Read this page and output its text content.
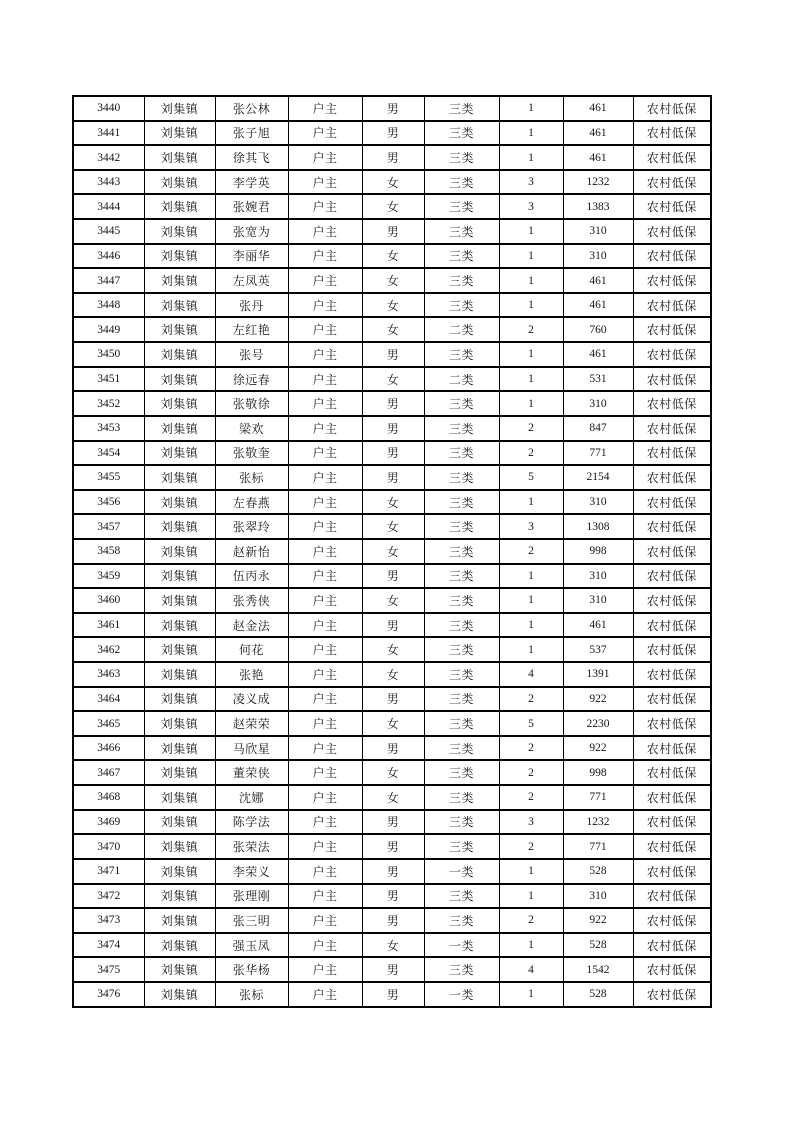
3440	刘集镇	张公林	户主	男	三类	1	461	农村低保
3441	刘集镇	张子旭	户主	男	三类	1	461	农村低保
3442	刘集镇	徐其飞	户主	男	三类	1	461	农村低保
3443	刘集镇	李学英	户主	女	三类	3	1232	农村低保
3444	刘集镇	张婉君	户主	女	三类	3	1383	农村低保
3445	刘集镇	张宽为	户主	男	三类	1	310	农村低保
3446	刘集镇	李丽华	户主	女	三类	1	310	农村低保
3447	刘集镇	左凤英	户主	女	三类	1	461	农村低保
3448	刘集镇	张丹	户主	女	三类	1	461	农村低保
3449	刘集镇	左红艳	户主	女	二类	2	760	农村低保
3450	刘集镇	张号	户主	男	三类	1	461	农村低保
3451	刘集镇	徐远春	户主	女	二类	1	531	农村低保
3452	刘集镇	张敬徐	户主	男	三类	1	310	农村低保
3453	刘集镇	梁欢	户主	男	三类	2	847	农村低保
3454	刘集镇	张敬奎	户主	男	三类	2	771	农村低保
3455	刘集镇	张标	户主	男	三类	5	2154	农村低保
3456	刘集镇	左春燕	户主	女	三类	1	310	农村低保
3457	刘集镇	张翠玲	户主	女	三类	3	1308	农村低保
3458	刘集镇	赵新怡	户主	女	三类	2	998	农村低保
3459	刘集镇	伍丙永	户主	男	三类	1	310	农村低保
3460	刘集镇	张秀侠	户主	女	三类	1	310	农村低保
3461	刘集镇	赵金法	户主	男	三类	1	461	农村低保
3462	刘集镇	何花	户主	女	三类	1	537	农村低保
3463	刘集镇	张艳	户主	女	三类	4	1391	农村低保
3464	刘集镇	凌义成	户主	男	三类	2	922	农村低保
3465	刘集镇	赵荣荣	户主	女	三类	5	2230	农村低保
3466	刘集镇	马欣星	户主	男	三类	2	922	农村低保
3467	刘集镇	董荣侠	户主	女	三类	2	998	农村低保
3468	刘集镇	沈娜	户主	女	三类	2	771	农村低保
3469	刘集镇	陈学法	户主	男	三类	3	1232	农村低保
3470	刘集镇	张荣法	户主	男	三类	2	771	农村低保
3471	刘集镇	李荣义	户主	男	一类	1	528	农村低保
3472	刘集镇	张理刚	户主	男	三类	1	310	农村低保
3473	刘集镇	张三明	户主	男	三类	2	922	农村低保
3474	刘集镇	强玉凤	户主	女	一类	1	528	农村低保
3475	刘集镇	张华杨	户主	男	三类	4	1542	农村低保
3476	刘集镇	张标	户主	男	一类	1	528	农村低保
